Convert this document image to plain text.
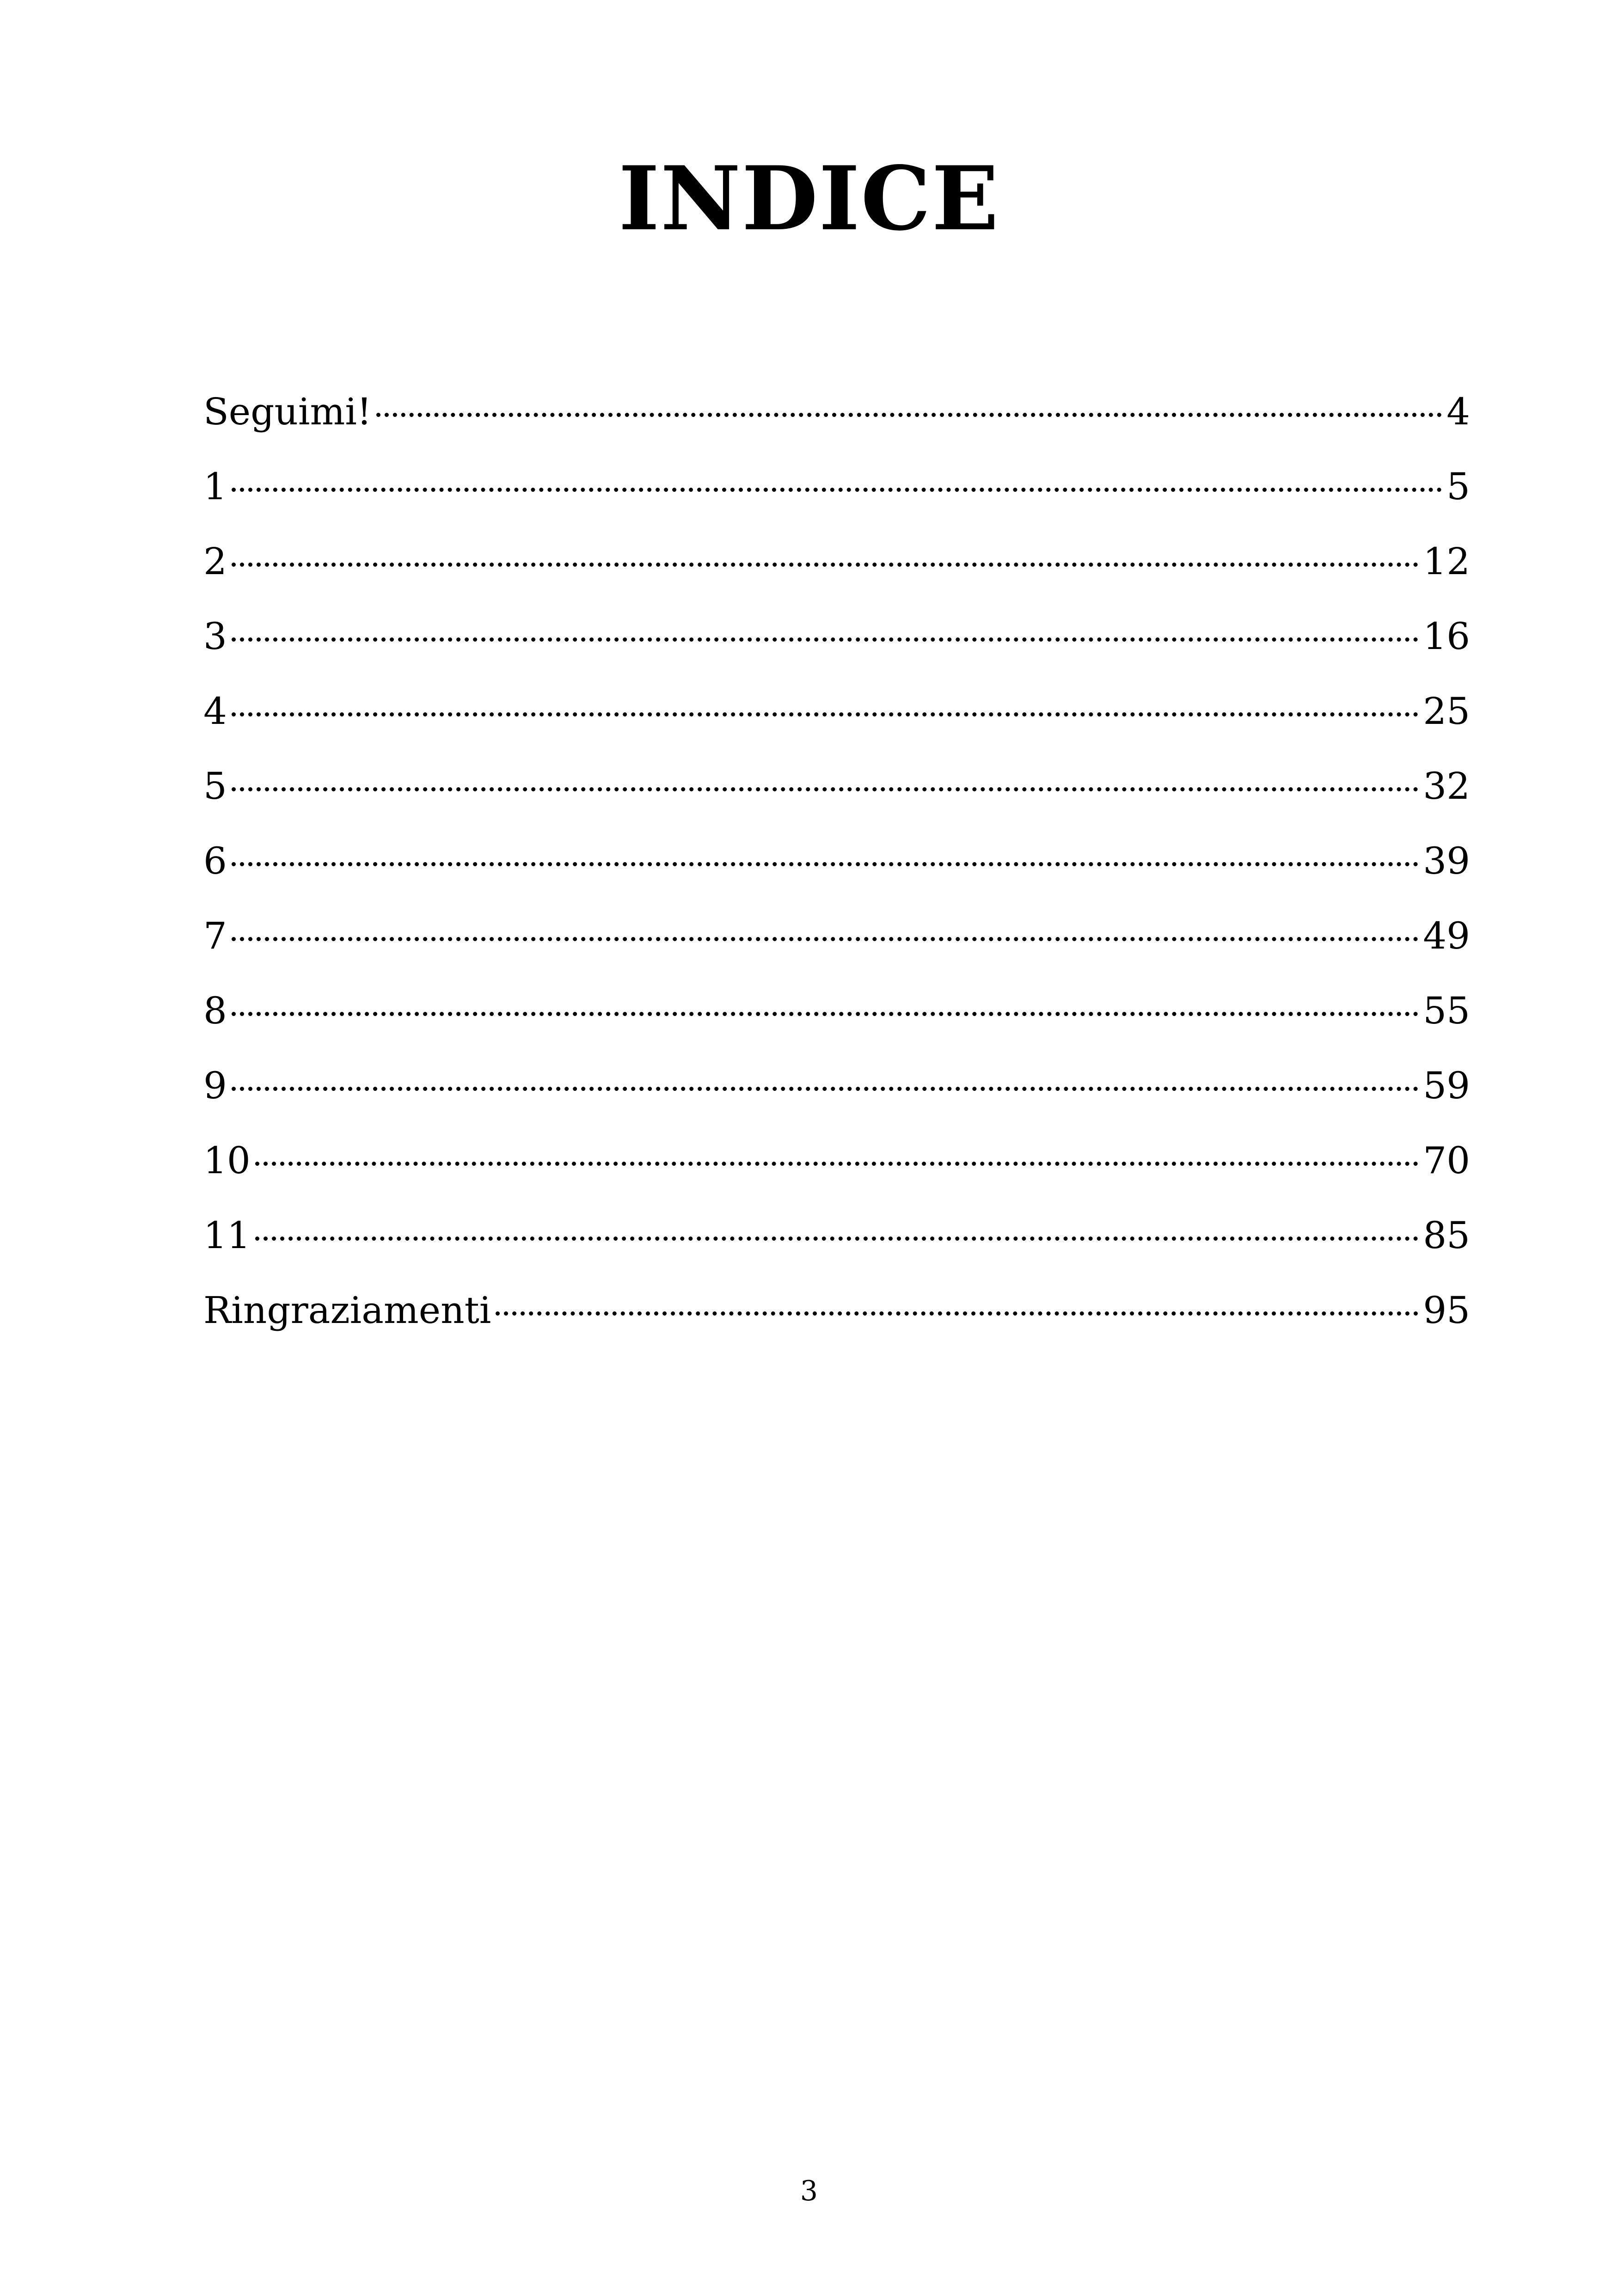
INDICE
Seguimi!	4
1	5
2	12
3	16
4	25
5	32
6	39
7	49
8	55
9	59
10	70
11	85
Ringraziamenti	95
3
